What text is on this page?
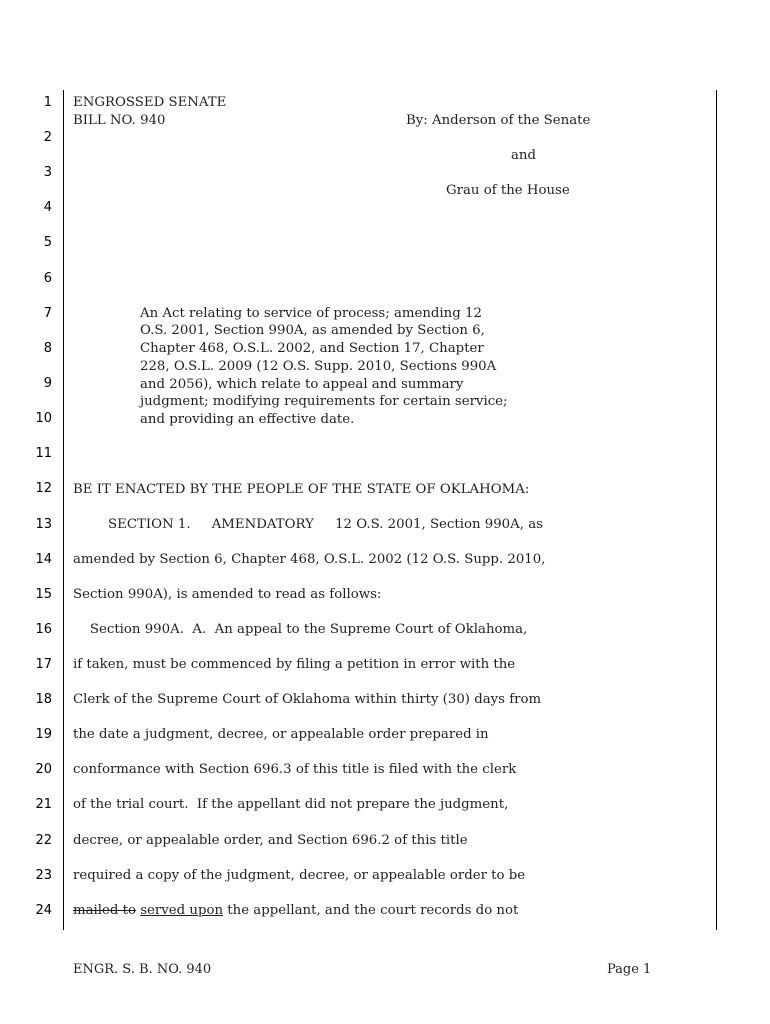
1
2
3
4
5
6
7
8
9
10
11
12
13
14
15
16
17
18
19
20
21
22
23
24
ENGROSSED SENATE
BILL NO. 940	By: Anderson of the Senate
and
Grau of the House
An Act relating to service of process; amending 12
O.S. 2001, Section 990A, as amended by Section 6,
Chapter 468, O.S.L. 2002, and Section 17, Chapter
228, O.S.L. 2009 (12 O.S. Supp. 2010, Sections 990A
and 2056), which relate to appeal and summary
judgment; modifying requirements for certain service;
and providing an effective date.
BE IT ENACTED BY THE PEOPLE OF THE STATE OF OKLAHOMA:
SECTION 1.     AMENDATORY     12 O.S. 2001, Section 990A, as
amended by Section 6, Chapter 468, O.S.L. 2002 (12 O.S. Supp. 2010,
Section 990A), is amended to read as follows:
Section 990A.  A.  An appeal to the Supreme Court of Oklahoma,
if taken, must be commenced by filing a petition in error with the
Clerk of the Supreme Court of Oklahoma within thirty (30) days from
the date a judgment, decree, or appealable order prepared in
conformance with Section 696.3 of this title is filed with the clerk
of the trial court.  If the appellant did not prepare the judgment,
decree, or appealable order, and Section 696.2 of this title
required a copy of the judgment, decree, or appealable order to be
mailed to served upon the appellant, and the court records do not
ENGR. S. B. NO. 940	Page 1
